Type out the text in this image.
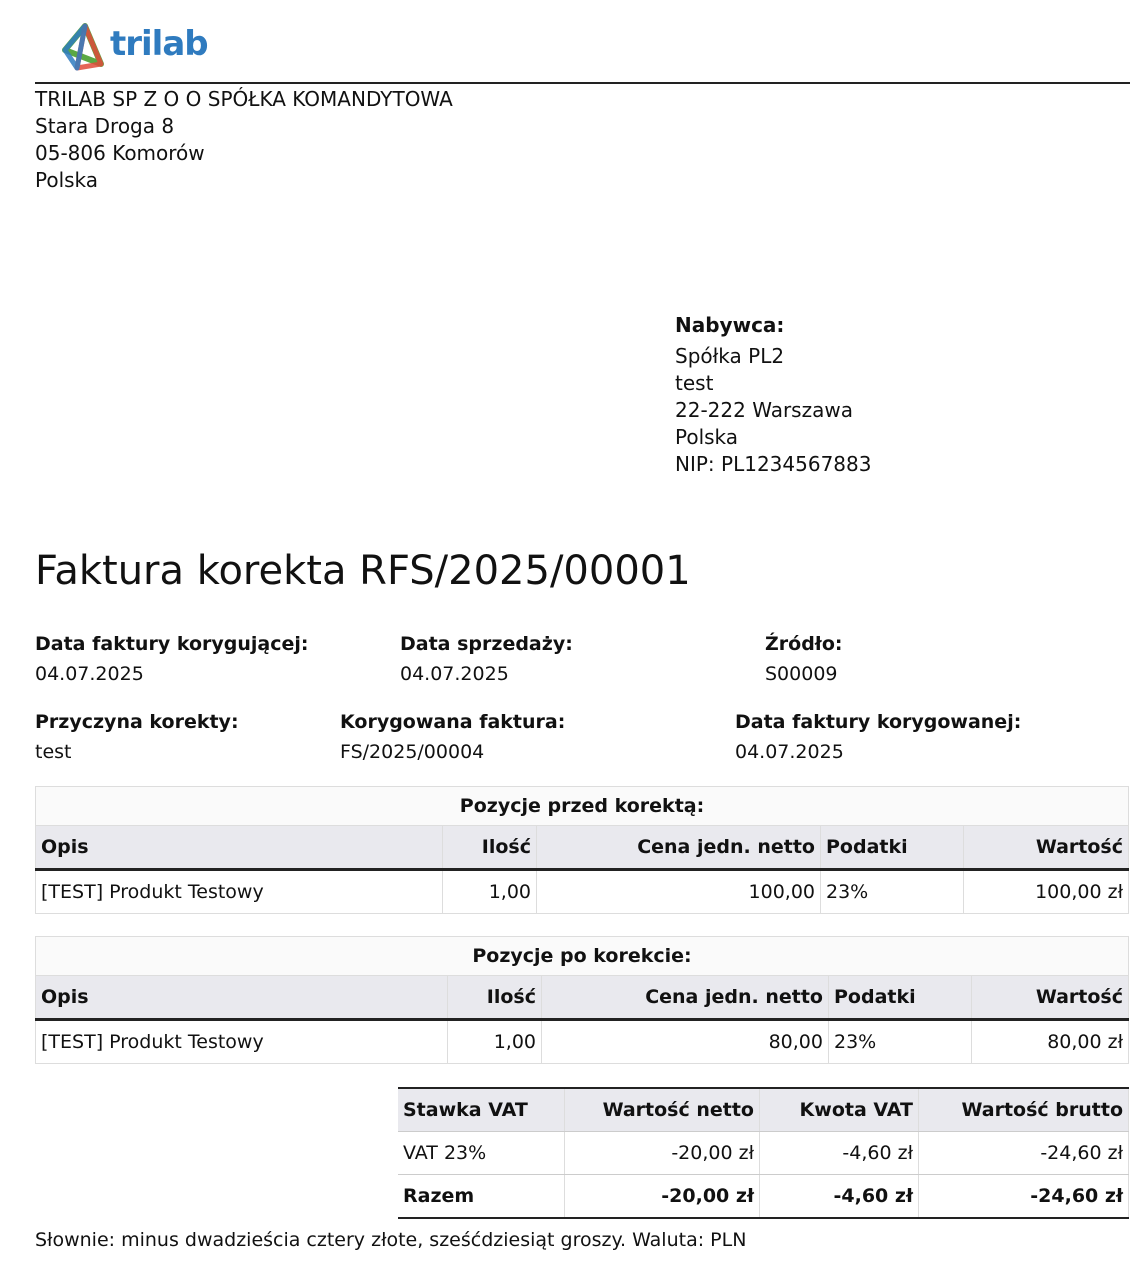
trilab
TRILAB SP Z O O SPÓŁKA KOMANDYTOWA
Stara Droga 8
05-806 Komorów
Polska
Nabywca:
Spółka PL2
test
22-222 Warszawa
Polska
NIP: PL1234567883
Faktura korekta RFS/2025/00001
Data faktury korygującej:
04.07.2025
Data sprzedaży:
04.07.2025
Źródło:
S00009
Przyczyna korekty:
test
Korygowana faktura:
FS/2025/00004
Data faktury korygowanej:
04.07.2025
Pozycje przed korektą:
Opis	Ilość	Cena jedn. netto	Podatki	Wartość
[TEST] Produkt Testowy	1,00	100,00	23%	100,00 zł
Pozycje po korekcie:
Opis	Ilość	Cena jedn. netto	Podatki	Wartość
[TEST] Produkt Testowy	1,00	80,00	23%	80,00 zł
Stawka VAT	Wartość netto	Kwota VAT	Wartość brutto
VAT 23%	-20,00 zł	-4,60 zł	-24,60 zł
Razem	-20,00 zł	-4,60 zł	-24,60 zł
Słownie: minus dwadzieścia cztery złote, sześćdziesiąt groszy. Waluta: PLN
